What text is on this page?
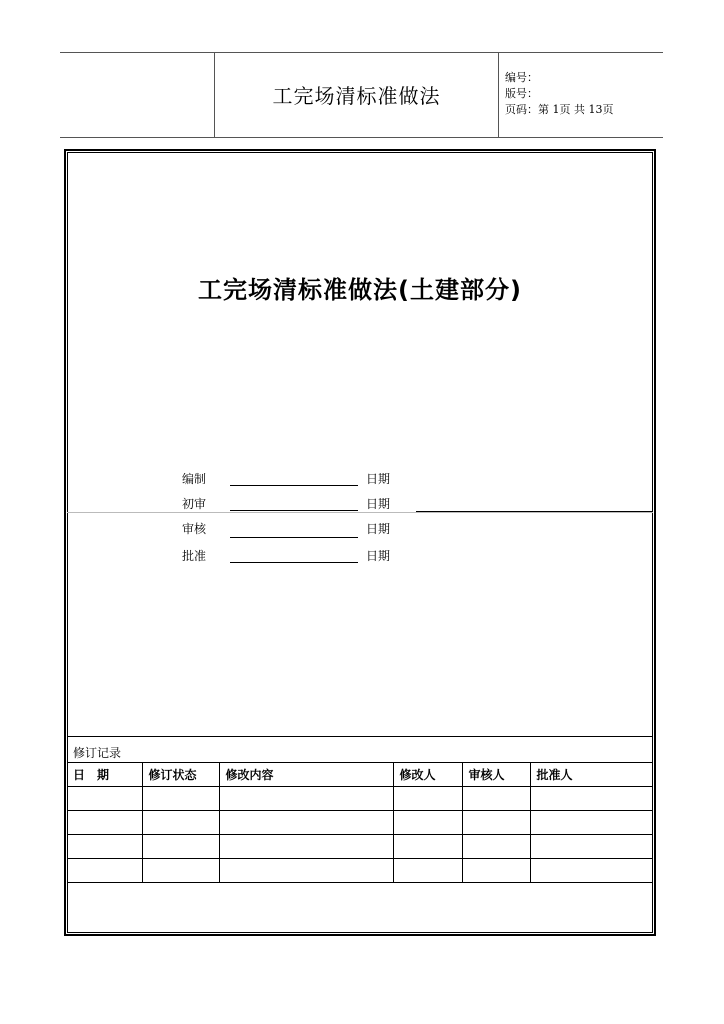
工完场清标准做法
编号：
版号：
页码：第 1页 共 13页
工完场清标准做法(土建部分)
编制	日期
初审	日期
审核	日期
批准	日期
修订记录
日　期	修订状态	修改内容	修改人	审核人	批准人
